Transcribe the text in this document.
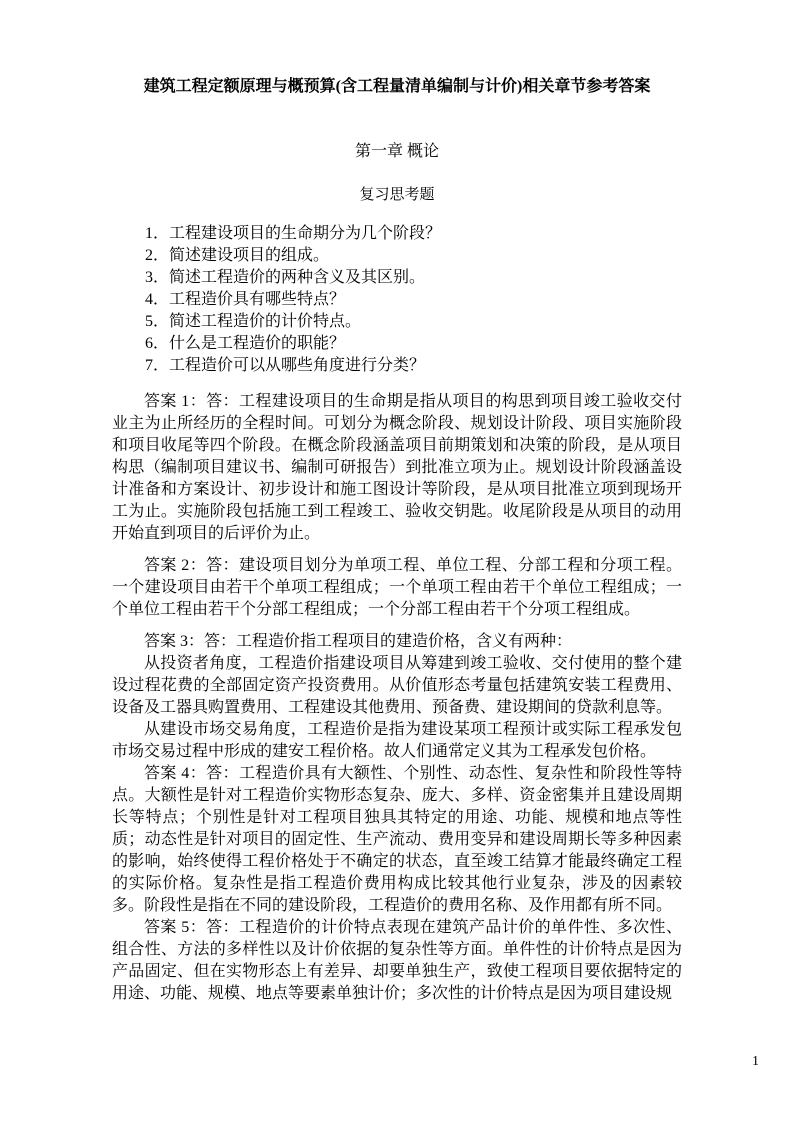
建筑工程定额原理与概预算(含工程量清单编制与计价)相关章节参考答案

第一章 概论

复习思考题

1．工程建设项目的生命期分为几个阶段？

2．简述建设项目的组成。

3．简述工程造价的两种含义及其区别。

4．工程造价具有哪些特点？

5．简述工程造价的计价特点。

6．什么是工程造价的职能？

7．工程造价可以从哪些角度进行分类？

答案 1：答：工程建设项目的生命期是指从项目的构思到项目竣工验收交付业主为止所经历的全程时间。可划分为概念阶段、规划设计阶段、项目实施阶段和项目收尾等四个阶段。在概念阶段涵盖项目前期策划和决策的阶段，是从项目构思（编制项目建议书、编制可研报告）到批准立项为止。规划设计阶段涵盖设计准备和方案设计、初步设计和施工图设计等阶段，是从项目批准立项到现场开工为止。实施阶段包括施工到工程竣工、验收交钥匙。收尾阶段是从项目的动用开始直到项目的后评价为止。

答案 2：答：建设项目划分为单项工程、单位工程、分部工程和分项工程。一个建设项目由若干个单项工程组成；一个单项工程由若干个单位工程组成；一个单位工程由若干个分部工程组成；一个分部工程由若干个分项工程组成。

答案 3：答：工程造价指工程项目的建造价格，含义有两种：

从投资者角度，工程造价指建设项目从筹建到竣工验收、交付使用的整个建设过程花费的全部固定资产投资费用。从价值形态考量包括建筑安装工程费用、设备及工器具购置费用、工程建设其他费用、预备费、建设期间的贷款利息等。

从建设市场交易角度，工程造价是指为建设某项工程预计或实际工程承发包市场交易过程中形成的建安工程价格。故人们通常定义其为工程承发包价格。

答案 4：答：工程造价具有大额性、个别性、动态性、复杂性和阶段性等特点。大额性是针对工程造价实物形态复杂、庞大、多样、资金密集并且建设周期长等特点；个别性是针对工程项目独具其特定的用途、功能、规模和地点等性质；动态性是针对项目的固定性、生产流动、费用变异和建设周期长等多种因素的影响，始终使得工程价格处于不确定的状态，直至竣工结算才能最终确定工程的实际价格。复杂性是指工程造价费用构成比较其他行业复杂，涉及的因素较多。阶段性是指在不同的建设阶段，工程造价的费用名称、及作用都有所不同。

答案 5：答：工程造价的计价特点表现在建筑产品计价的单件性、多次性、组合性、方法的多样性以及计价依据的复杂性等方面。单件性的计价特点是因为产品固定、但在实物形态上有差异、却要单独生产，致使工程项目要依据特定的用途、功能、规模、地点等要素单独计价；多次性的计价特点是因为项目建设规

1
